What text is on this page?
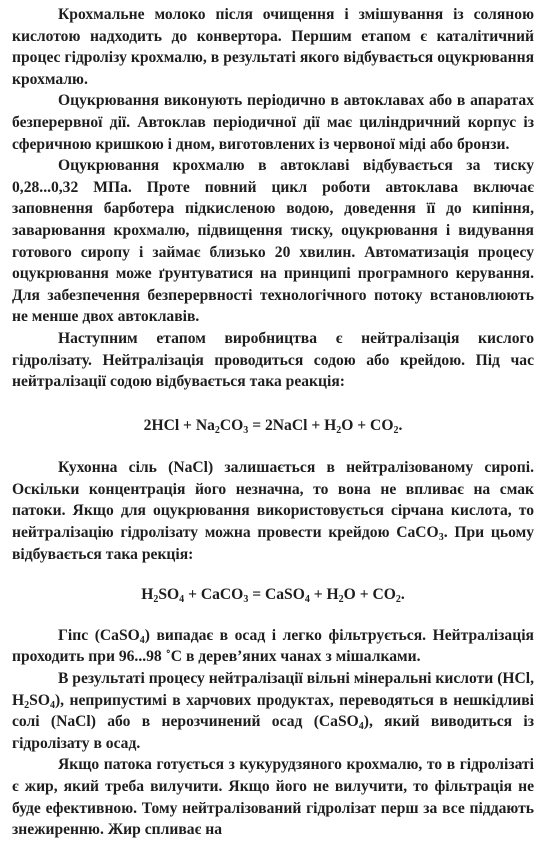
Крохмальне молоко після очищення і змішування із соляною кислотою надходить до конвертора. Першим етапом є каталітичний процес гідролізу крохмалю, в результаті якого відбувається оцукрювання крохмалю.

Оцукрювання виконують періодично в автоклавах або в апаратах безперервної дії. Автоклав періодичної дії має циліндричний корпус із сферичною кришкою і дном, виготовлених із червоної міді або бронзи.

Оцукрювання крохмалю в автоклаві відбувається за тиску 0,28...0,32 МПа. Проте повний цикл роботи автоклава включає заповнення барботера підкисленою водою, доведення її до кипіння, заварювання крохмалю, підвищення тиску, оцукрювання і видування готового сиропу і займає близько 20 хвилин. Автоматизація процесу оцукрювання може ґрунтуватися на принципі програмного керування. Для забезпечення безперервності технологічного потоку встановлюють не менше двох автоклавів.

Наступним етапом виробництва є нейтралізація кислого гідролізату. Нейтралізація проводиться содою або крейдою. Під час нейтралізації содою відбувається така реакція:

$2HCl + Na_2CO_3$ = 2NaCl + $H_2O + CO_2$.

Кухонна сіль (NaCl) залишається в нейтралізованому сиропі. Оскільки концентрація його незначна, то вона не впливає на смак патоки. Якщо для оцукрювання використовується сірчана кислота, то нейтралізацію гідролізату можна провести крейдою CaCO$_3$. При цьому відбувається така рекція:

$H_2SO_4$ + CaCO$_3$ = CaSO$_4$ + $H_2O + CO_2$.

Гіпс (CaSO$_4$) випадає в осад і легко фільтрується. Нейтралізація проходить при 96...98 ˚С в дерев’яних чанах з мішалками.

В результаті процесу нейтралізації вільні мінеральні кислоти (HCl, $H_2SO_4$), неприпустимі в харчових продуктах, переводяться в нешкідливі солі (NaCl) або в нерозчинений осад (CaSO$_4$), який виводиться із гідролізату в осад.

Якщо патока готується з кукурудзяного крохмалю, то в гідролізаті є жир, який треба вилучити. Якщо його не вилучити, то фільтрація не буде ефективною. Тому нейтралізований гідролізат перш за все піддають знежиренню. Жир спливає на
